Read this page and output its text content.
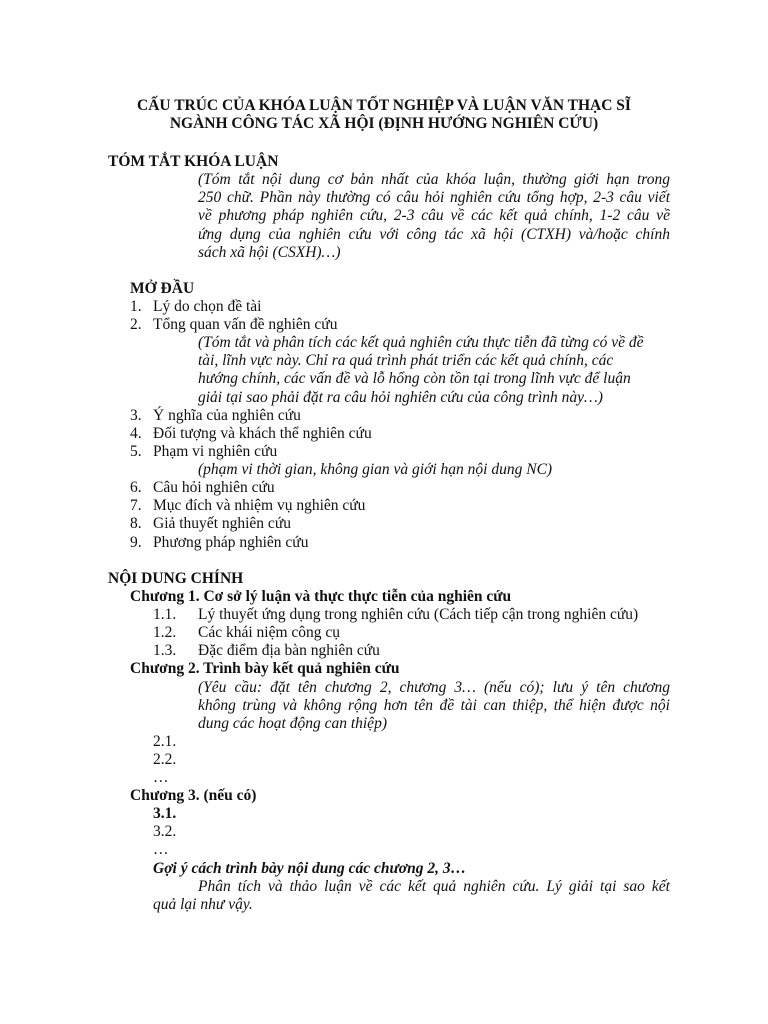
CẤU TRÚC CỦA KHÓA LUẬN TỐT NGHIỆP VÀ LUẬN VĂN THẠC SĨ
NGÀNH CÔNG TÁC XÃ HỘI (ĐỊNH HƯỚNG NGHIÊN CỨU)
TÓM TẮT KHÓA LUẬN
(Tóm tắt nội dung cơ bản nhất của khóa luận, thường giới hạn trong
250 chữ. Phần này thường có câu hỏi nghiên cứu tổng hợp, 2-3 câu viết
về phương pháp nghiên cứu, 2-3 câu về các kết quả chính, 1-2 câu về
ứng dụng của nghiên cứu với công tác xã hội (CTXH) và/hoặc chính
sách xã hội (CSXH)…)
MỞ ĐẦU
1. Lý do chọn đề tài
2. Tổng quan vấn đề nghiên cứu
(Tóm tắt và phân tích các kết quả nghiên cứu thực tiễn đã từng có về đề
tài, lĩnh vực này. Chỉ ra quá trình phát triển các kết quả chính, các
hướng chính, các vấn đề và lỗ hổng còn tồn tại trong lĩnh vực để luận
giải tại sao phải đặt ra câu hỏi nghiên cứu của công trình này…)
3. Ý nghĩa của nghiên cứu
4. Đối tượng và khách thể nghiên cứu
5. Phạm vi nghiên cứu
(phạm vi thời gian, không gian và giới hạn nội dung NC)
6. Câu hỏi nghiên cứu
7. Mục đích và nhiệm vụ nghiên cứu
8. Giả thuyết nghiên cứu
9. Phương pháp nghiên cứu
NỘI DUNG CHÍNH
Chương 1. Cơ sở lý luận và thực thực tiễn của nghiên cứu
1.1. Lý thuyết ứng dụng trong nghiên cứu (Cách tiếp cận trong nghiên cứu)
1.2. Các khái niệm công cụ
1.3. Đặc điểm địa bàn nghiên cứu
Chương 2. Trình bày kết quả nghiên cứu
(Yêu cầu: đặt tên chương 2, chương 3… (nếu có); lưu ý tên chương
không trùng và không rộng hơn tên đề tài can thiệp, thể hiện được nội
dung các hoạt động can thiệp)
2.1.
2.2.
…
Chương 3. (nếu có)
3.1.
3.2.
…
Gợi ý cách trình bày nội dung các chương 2, 3…
Phân tích và thảo luận về các kết quả nghiên cứu. Lý giải tại sao kết
quả lại như vậy.
